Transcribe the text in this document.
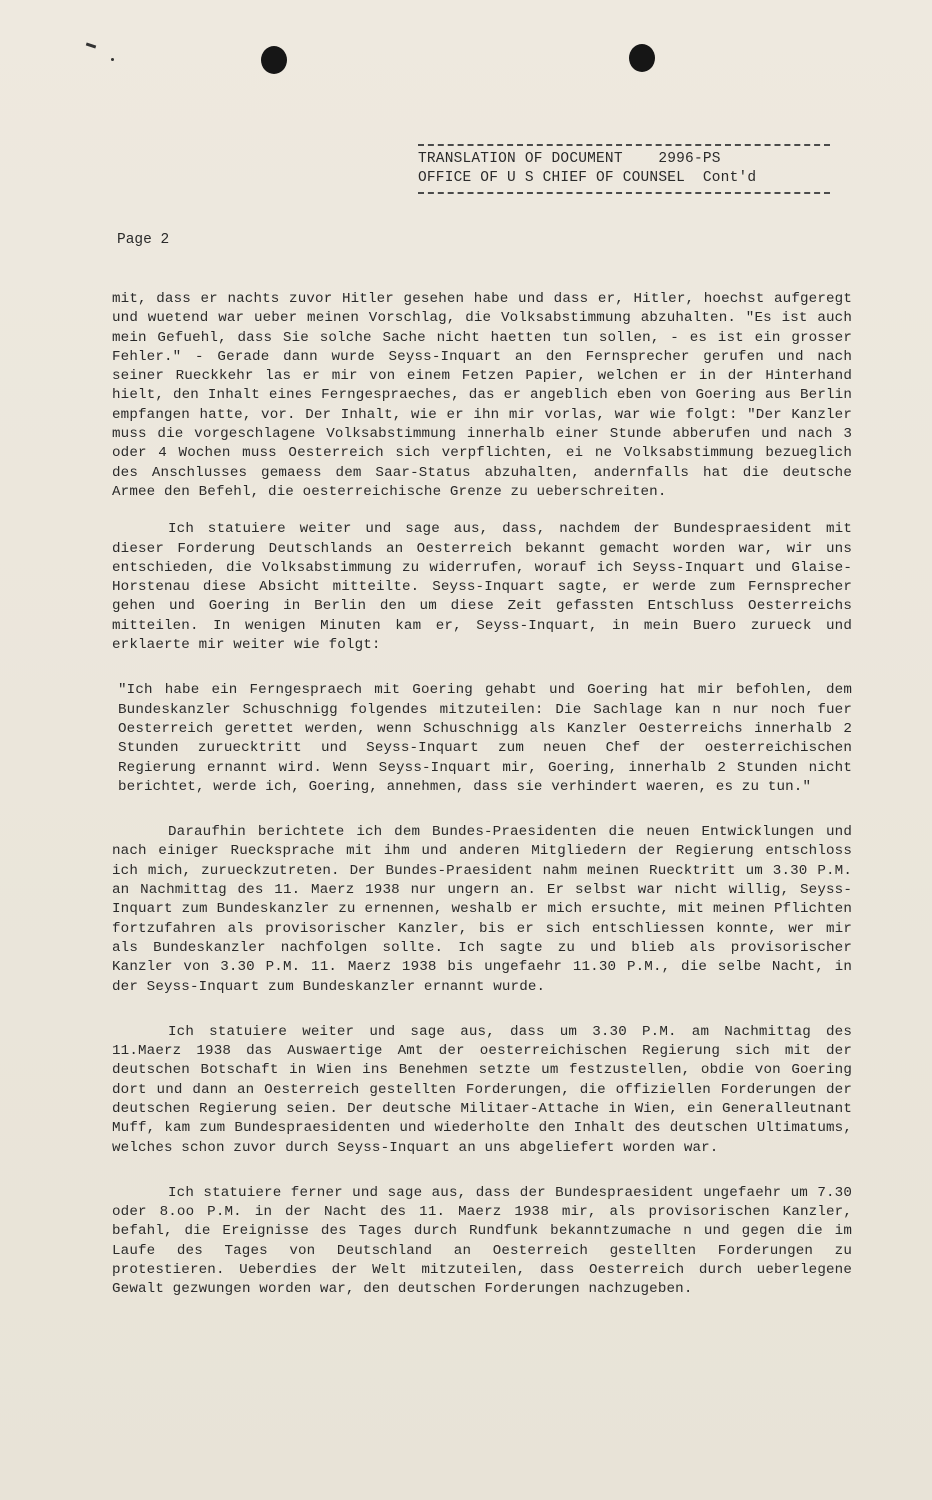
TRANSLATION OF DOCUMENT 2996-PS
OFFICE OF U S CHIEF OF COUNSEL Cont'd
Page 2

mit, dass er nachts zuvor Hitler gesehen habe und dass er, Hitler, hoechst aufgeregt und wuetend war ueber meinen Vorschlag, die Volksabstimmung abzuhalten. "Es ist auch mein Gefuehl, dass Sie solche Sache nicht haetten tun sollen, - es ist ein grosser Fehler." - Gerade dann wurde Seyss-Inquart an den Fernsprecher gerufen und nach seiner Rueckkehr las er mir von einem Fetzen Papier, welchen er in der Hinterhand hielt, den Inhalt eines Ferngespraeches, das er angeblich eben von Goering aus Berlin empfangen hatte, vor. Der Inhalt, wie er ihn mir vorlas, war wie folgt: "Der Kanzler muss die vorgeschlagene Volksabstimmung innerhalb einer Stunde abberufen und nach 3 oder 4 Wochen muss Oesterreich sich verpflichten, ei ne Volksabstimmung bezueglich des Anschlusses gemaess dem Saar-Status abzuhalten, andernfalls hat die deutsche Armee den Befehl, die oesterreichische Grenze zu ueberschreiten.

Ich statuiere weiter und sage aus, dass, nachdem der Bundespraesident mit dieser Forderung Deutschlands an Oesterreich bekannt gemacht worden war, wir uns entschieden, die Volksabstimmung zu widerrufen, worauf ich Seyss-Inquart und Glaise-Horstenau diese Absicht mitteilte. Seyss-Inquart sagte, er werde zum Fernsprecher gehen und Goering in Berlin den um diese Zeit gefassten Entschluss Oesterreichs mitteilen. In wenigen Minuten kam er, Seyss-Inquart, in mein Buero zurueck und erklaerte mir weiter wie folgt:

"Ich habe ein Ferngespraech mit Goering gehabt und Goering hat mir befohlen, dem Bundeskanzler Schuschnigg folgendes mitzuteilen: Die Sachlage kan n nur noch fuer Oesterreich gerettet werden, wenn Schuschnigg als Kanzler Oesterreichs innerhalb 2 Stunden zuruecktritt und Seyss-Inquart zum neuen Chef der oesterreichischen Regierung ernannt wird. Wenn Seyss-Inquart mir, Goering, innerhalb 2 Stunden nicht berichtet, werde ich, Goering, annehmen, dass sie verhindert waeren, es zu tun."

Daraufhin berichtete ich dem Bundes-Praesidenten die neuen Entwicklungen und nach einiger Ruecksprache mit ihm und anderen Mitgliedern der Regierung entschloss ich mich, zurueckzutreten. Der Bundes-Praesident nahm meinen Ruecktritt um 3.30 P.M. an Nachmittag des 11. Maerz 1938 nur ungern an. Er selbst war nicht willig, Seyss-Inquart zum Bundeskanzler zu ernennen, weshalb er mich ersuchte, mit meinen Pflichten fortzufahren als provisorischer Kanzler, bis er sich entschliessen konnte, wer mir als Bundeskanzler nachfolgen sollte. Ich sagte zu und blieb als provisorischer Kanzler von 3.30 P.M. 11. Maerz 1938 bis ungefaehr 11.30 P.M., die selbe Nacht, in der Seyss-Inquart zum Bundeskanzler ernannt wurde.

Ich statuiere weiter und sage aus, dass um 3.30 P.M. am Nachmittag des 11.Maerz 1938 das Auswaertige Amt der oesterreichischen Regierung sich mit der deutschen Botschaft in Wien ins Benehmen setzte um festzustellen, obdie von Goering dort und dann an Oesterreich gestellten Forderungen, die offiziellen Forderungen der deutschen Regierung seien. Der deutsche Militaer-Attache in Wien, ein Generalleutnant Muff, kam zum Bundespraesidenten und wiederholte den Inhalt des deutschen Ultimatums, welches schon zuvor durch Seyss-Inquart an uns abgeliefert worden war.

Ich statuiere ferner und sage aus, dass der Bundespraesident ungefaehr um 7.30 oder 8.oo P.M. in der Nacht des 11. Maerz 1938 mir, als provisorischen Kanzler, befahl, die Ereignisse des Tages durch Rundfunk bekanntzumache n und gegen die im Laufe des Tages von Deutschland an Oesterreich gestellten Forderungen zu protestieren. Ueberdies der Welt mitzuteilen, dass Oesterreich durch ueberlegene Gewalt gezwungen worden war, den deutschen Forderungen nachzugeben.
